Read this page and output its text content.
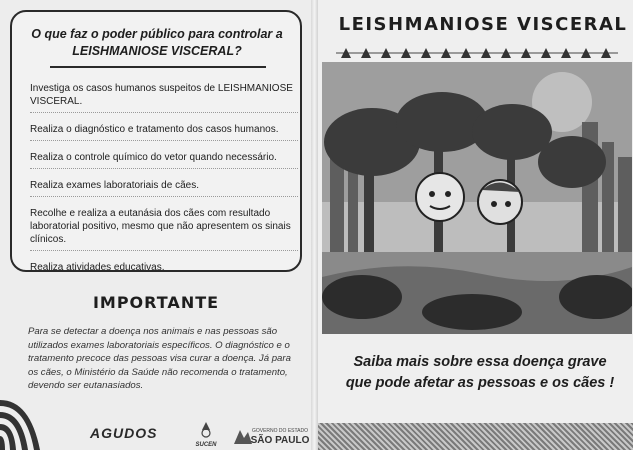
O que faz o poder público para controlar a
LEISHMANIOSE VISCERAL?
Investiga os casos humanos suspeitos de LEISHMANIOSE VISCERAL.
Realiza o diagnóstico e tratamento dos casos humanos.
Realiza o controle químico do vetor quando necessário.
Realiza exames laboratoriais de cães.
Recolhe e realiza a eutanásia dos cães com resultado laboratorial positivo, mesmo que não apresentem os sinais clínicos.
Realiza atividades educativas.
IMPORTANTE
Para se detectar a doença nos animais e nas pessoas são utilizados exames laboratoriais específicos. O diagnóstico e o tratamento precoce das pessoas visa curar a doença. Já para os cães, o Ministério da Saúde não recomenda o tratamento, devendo ser eutanasiados.
AGUDOS
SUCEN
GOVERNO DO ESTADO
SÃO PAULO
LEISHMANIOSE VISCERAL
Saiba mais sobre essa doença grave
que pode afetar as pessoas e os cães !
